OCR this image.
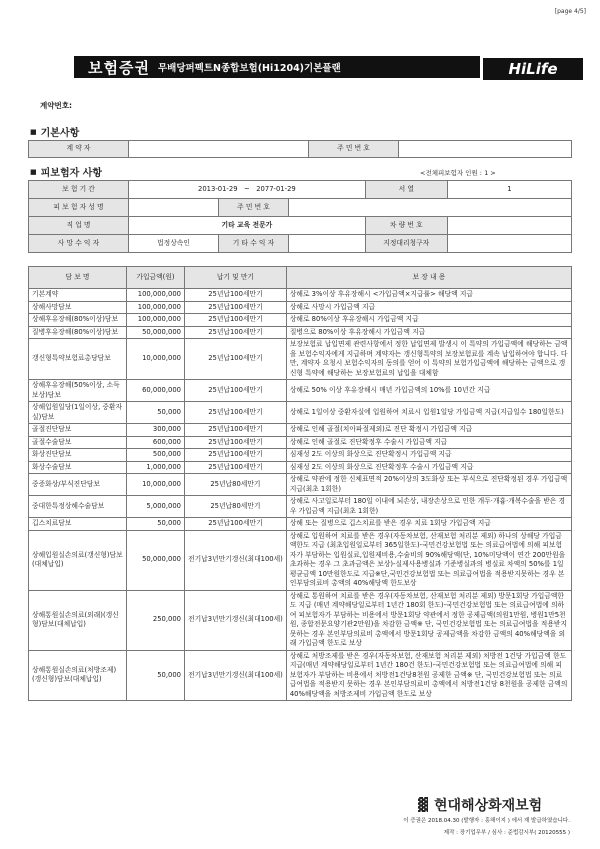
[page 4/5]
보험증권 무배당퍼펙트N종합보험(Hi1204)기본플랜	HiLife
계약번호:
■ 기본사항
계 약 자		주 민 번 호	
■ 피보험자 사항	<전체피보험자 인원 : 1 >
보 험 기 간	2013-01-29 ~ 2077-01-29			서 열	1
피 보 험 자 성 명		주 민 번 호			
직 업 명	기타 교육 전문가			차 량 번 호	
사 망 수 익 자	법정상속인	기 타 수 익 자		지정대리청구자	
담 보 명	가입금액(원)	납기 및 만기	보 장 내 용
기본계약	100,000,000	25년납100세만기	상해로 3%이상 후유장해시 <가입금액×지급률> 해당액 지급
상해사망담보	100,000,000	25년납100세만기	상해로 사망시 가입금액 지급
상해후유장해(80%이상)담보	100,000,000	25년납100세만기	상해로 80%이상 후유장해시 가입금액 지급
질병후유장해(80%이상)담보	50,000,000	25년납100세만기	질병으로 80%이상 후유장해시 가입금액 지급
갱신형특약보험료총당담보	10,000,000	25년납100세만기	보장보험료 납입면제 관련사항에서 정한 납입면제 발생시 이 특약의 가입금액에 해당하는 금액을 보험수익자에게 지급하며 계약자는 갱신형특약의 보장보험료를 계속 납입하여야 합니다. 다만, 계약자 요청시 보험수익자의 동의를 얻어 이 특약의 보험가입금액에 해당하는 금액으로 갱신형 특약에 해당하는 보장보험료의 납입을 대체함
상해후유장해(50%이상, 소득보상)담보	60,000,000	25년납100세만기	상해로 50% 이상 후유장해시 매년 가입금액의 10%를 10년간 지급
상해입원일당(1일이상, 중환자실)담보	50,000	25년납100세만기	상해로 1일이상 중환자실에 입원하여 치료시 입원1일당 가입금액 지급(지급일수 180일한도)
골절진단담보	300,000	25년납100세만기	상해로 인해 골절(치아파절제외)로 진단 확정시 가입금액 지급
골절수술담보	600,000	25년납100세만기	상해로 인해 골절로 진단확정후 수술시 가입금액 지급
화상진단담보	500,000	25년납100세만기	심재성 2도 이상의 화상으로 진단확정시 가입금액 지급
화상수술담보	1,000,000	25년납100세만기	심재성 2도 이상의 화상으로 진단확정후 수술시 가입금액 지급
중증화상/부식진단담보	10,000,000	25년납80세만기	상해로 약관에 정한 신체표면적 20%이상의 3도화상 또는 부식으로 진단확정된 경우 가입금액 지급(최초 1회한)
중대한특정상해수술담보	5,000,000	25년납80세만기	상해로 사고일로부터 180일 이내에 뇌손상, 내장손상으로 인한 개두·개흉·개복수술을 받은 경우 가입금액 지급(최초 1회한)
깁스치료담보	50,000	25년납100세만기	상해 또는 질병으로 깁스치료를 받은 경우 치료 1회당 가입금액 지급
상해입원실손의료(갱신형)담보(대체납입)	50,000,000	전기납3년만기갱신(최대100세)	상해로 입원하여 치료를 받은 경우(자동차보험, 산재보험 처리분 제외) 하나의 상해당 가입금액한도 지급 (최초입원일로부터 365일한도)-국민건강보험법 또는 의료급여법에 의해 피보험자가 부담하는 입원실료,입원제비용,수술비의 90%해당액(단, 10%미당액이 연간 200만원을 초과하는 경우 그 초과금액은 보상)-실제사용병실과 기준병실과의 병실료 차액의 50%를 1일평균금액 10만원한도로 지급※단,국민건강보험법 또는 의료급여법을 적용받지못하는 경우 본인부담의료비 총액의 40%해당액 한도보상
상해통원실손의료(외래)(갱신형)담보(대체납입)	250,000	전기납3년만기갱신(최대100세)	상해로 통원하여 치료를 받은 경우(자동차보험, 산재보험 처리분 제외) 방문1회당 가입금액한도 지급 (매년 계약해당일로부터 1년간 180회 한도)-국민건강보험법 또는 의료급여법에 의하여 피보험자가 부담하는 비용에서 방문1회당 약관에서 정한 공제금액(의원1만원, 병원1만5천원, 종합전문요양기관2만원)을 차감한 금액※ 단, 국민건강보험법 또는 의료급여법을 적용받지 못하는 경우 본인부담의료비 총액에서 방문1회당 공제금액을 차감한 금액의 40%해당액을 외래 가입금액 한도로 보상
상해통원실손의료(처방조제)(갱신형)담보(대체납입)	50,000	전기납3년만기갱신(최대100세)	상해로 처방조제를 받은 경우(자동차보험, 산재보험 처리분 제외) 처방전 1건당 가입금액 한도 지급(매년 계약해당일로부터 1년간 180건 한도)-국민건강보험법 또는 의료급여법에 의해 피보험자가 부담하는 비용에서 처방전1건당8천원 공제한 금액※ 단, 국민건강보험법 또는 의료급여법을 적용받지 못하는 경우 본인부담의료비 총액에서 처방전1건당 8천원을 공제한 금액의 40%해당액을 처방조제비 가입금액 한도로 보상
▓ 현대해상화재보험
이 증권은 2018.04.30 (발행자 : 흥해이지 ) 에서 재 발급하였습니다.
제작 : 장기업무부 / 심사 : 준법감시부( 20120555 )
